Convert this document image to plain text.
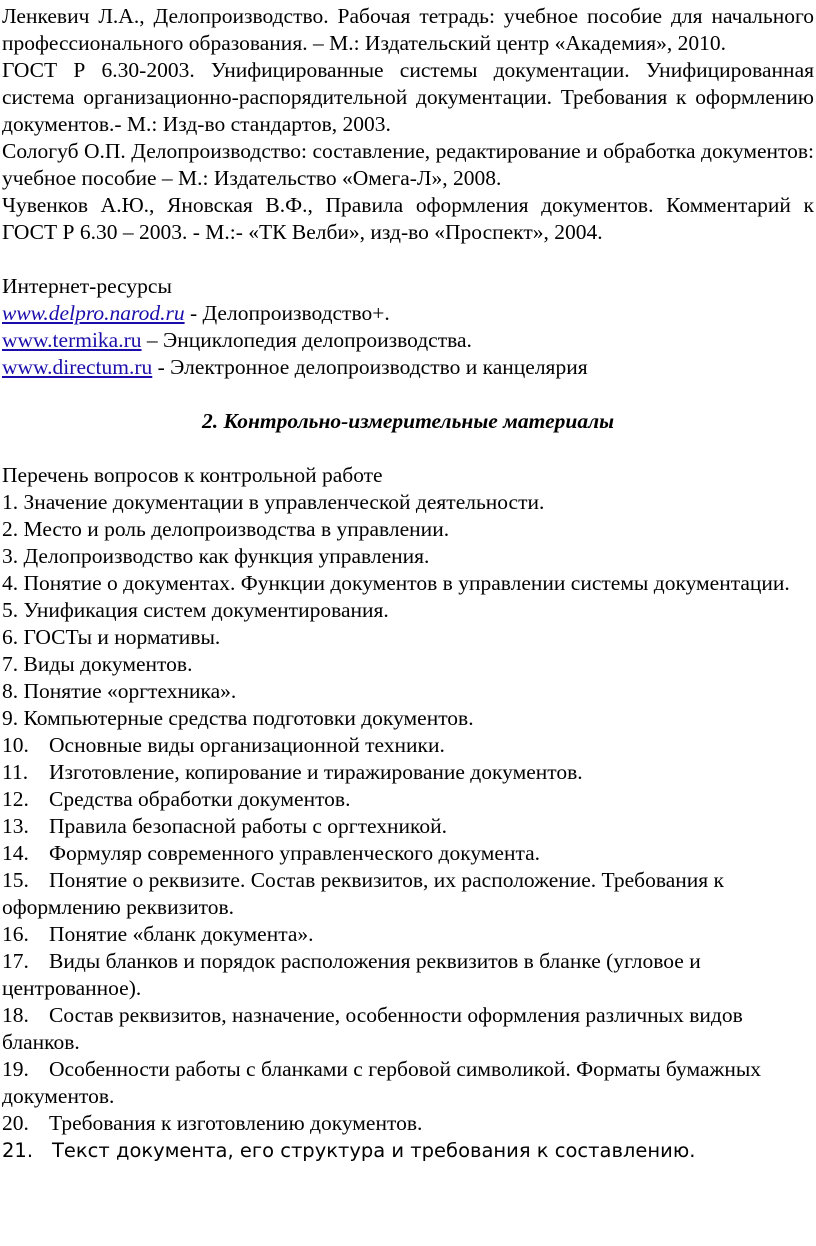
Ленкевич Л.А., Делопроизводство. Рабочая тетрадь: учебное пособие для начального профессионального образования. – М.: Издательский центр «Академия», 2010.
ГОСТ Р 6.30-2003. Унифицированные системы документации. Унифицированная система организационно-распорядительной документации. Требования к оформлению документов.- М.: Изд-во стандартов, 2003.
Сологуб О.П. Делопроизводство: составление, редактирование и обработка документов: учебное пособие – М.: Издательство «Омега-Л», 2008.
Чувенков А.Ю., Яновская В.Ф., Правила оформления документов. Комментарий к ГОСТ Р 6.30 – 2003. - М.:- «ТК Велби», изд-во «Проспект», 2004.
Интернет-ресурсы
www.delpro.narod.ru - Делопроизводство+.
www.termika.ru – Энциклопедия делопроизводства.
www.directum.ru - Электронное делопроизводство и канцелярия
2. Контрольно-измерительные материалы
Перечень вопросов к контрольной работе
1. Значение документации в управленческой деятельности.
2. Место и роль делопроизводства в управлении.
3. Делопроизводство как функция управления.
4. Понятие о документах. Функции документов в управлении системы документации.
5. Унификация систем документирования.
6. ГОСТы и нормативы.
7. Виды документов.
8. Понятие «оргтехника».
9. Компьютерные средства подготовки документов.
10. Основные виды организационной техники.
11. Изготовление, копирование и тиражирование документов.
12. Средства обработки документов.
13. Правила безопасной работы с оргтехникой.
14. Формуляр современного управленческого документа.
15. Понятие о реквизите. Состав реквизитов, их расположение. Требования к оформлению реквизитов.
16. Понятие «бланк документа».
17. Виды бланков и порядок расположения реквизитов в бланке (угловое и центрованное).
18. Состав реквизитов, назначение, особенности оформления различных видов бланков.
19. Особенности работы с бланками с гербовой символикой. Форматы бумажных документов.
20. Требования к изготовлению документов.
21. Текст документа, его структура и требования к составлению.
